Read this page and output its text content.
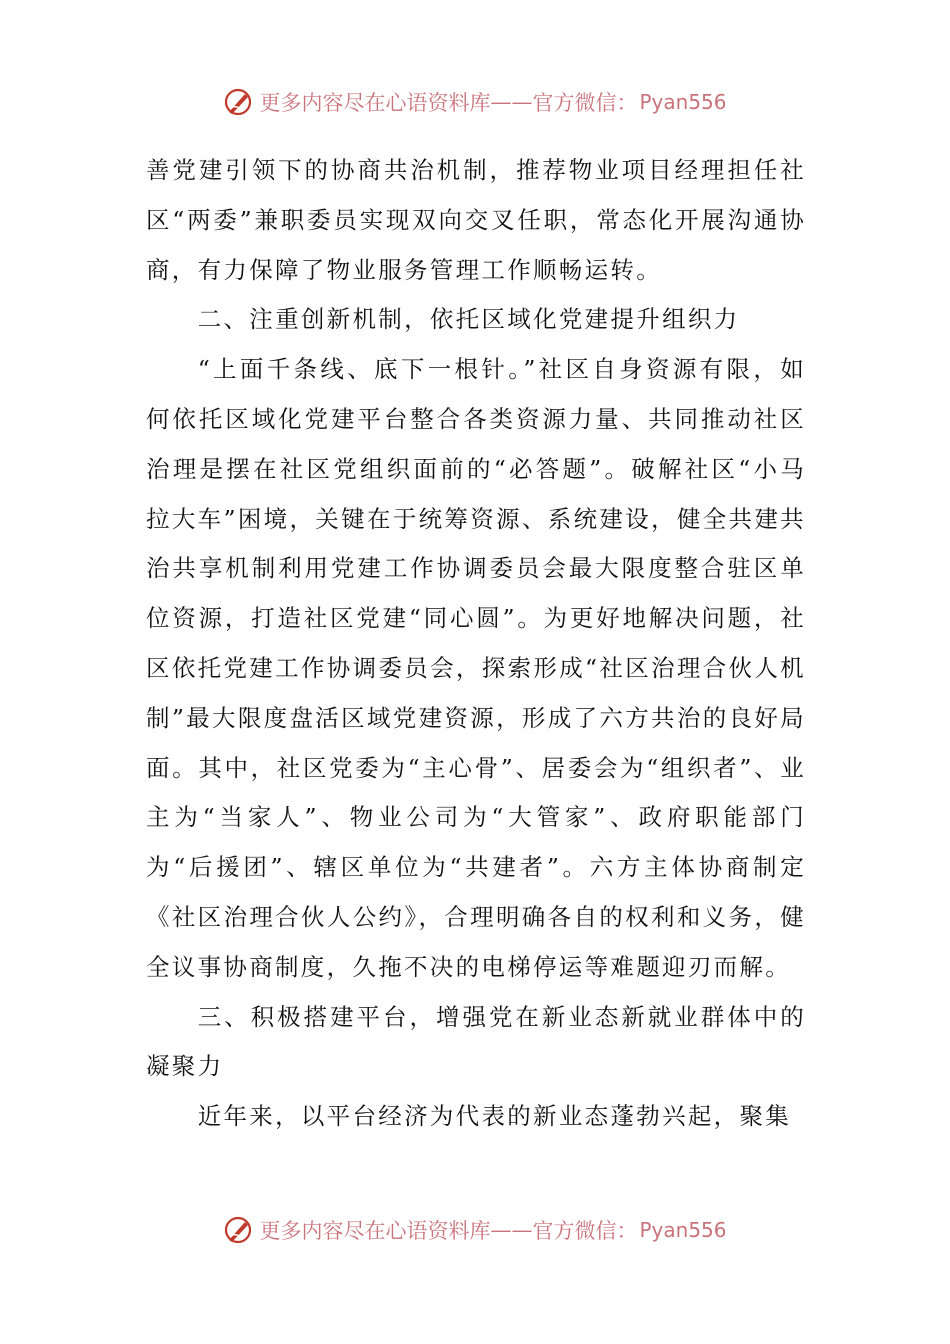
更多内容尽在心语资料库 —— 官方微信： Pyan556

善党建引领下的协商共治机制，推荐物业项目经理担任社区“两委”兼职委员实现双向交叉任职，常态化开展沟通协商，有力保障了物业服务管理工作顺畅运转。

二、注重创新机制，依托区域化党建提升组织力

“上面千条线、底下一根针。”社区自身资源有限，如何依托区域化党建平台整合各类资源力量、共同推动社区治理是摆在社区党组织面前的“必答题”。破解社区“小马拉大车”困境，关键在于统筹资源、系统建设，健全共建共治共享机制利用党建工作协调委员会最大限度整合驻区单位资源，打造社区党建“同心圆”。为更好地解决问题，社区依托党建工作协调委员会，探索形成“社区治理合伙人机制”最大限度盘活区域党建资源，形成了六方共治的良好局面。其中，社区党委为“主心骨”、居委会为“组织者”、业主为“当家人”、物业公司为“大管家”、政府职能部门为“后援团”、辖区单位为“共建者”。六方主体协商制定《社区治理合伙人公约》，合理明确各自的权利和义务，健全议事协商制度，久拖不决的电梯停运等难题迎刃而解。

三、积极搭建平台，增强党在新业态新就业群体中的凝聚力

近年来，以平台经济为代表的新业态蓬勃兴起，聚集

更多内容尽在心语资料库 —— 官方微信： Pyan556
